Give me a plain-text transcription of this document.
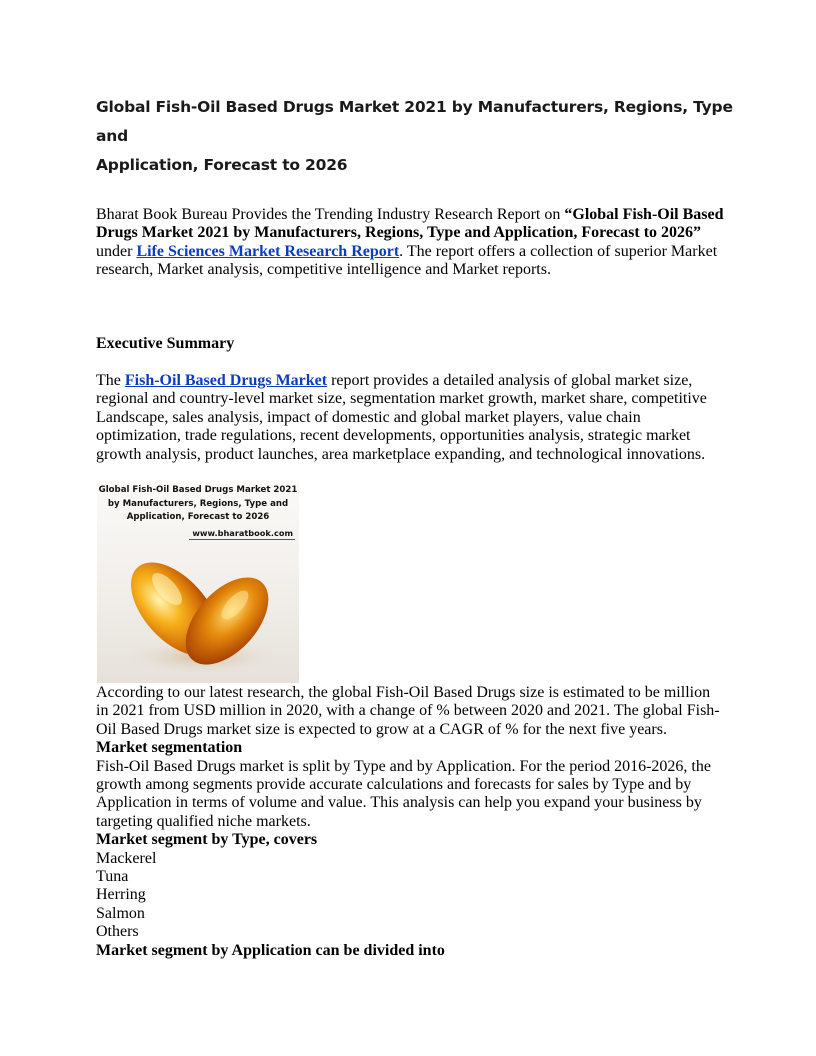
Global Fish-Oil Based Drugs Market 2021 by Manufacturers, Regions, Type and
Application, Forecast to 2026

Bharat Book Bureau Provides the Trending Industry Research Report on “Global Fish-Oil Based Drugs Market 2021 by Manufacturers, Regions, Type and Application, Forecast to 2026” under Life Sciences Market Research Report. The report offers a collection of superior Market research, Market analysis, competitive intelligence and Market reports.

Executive Summary

The Fish-Oil Based Drugs Market report provides a detailed analysis of global market size, regional and country-level market size, segmentation market growth, market share, competitive Landscape, sales analysis, impact of domestic and global market players, value chain optimization, trade regulations, recent developments, opportunities analysis, strategic market growth analysis, product launches, area marketplace expanding, and technological innovations.

Global Fish-Oil Based Drugs Market 2021
by Manufacturers, Regions, Type and
Application, Forecast to 2026
www.bharatbook.com

According to our latest research, the global Fish-Oil Based Drugs size is estimated to be million in 2021 from USD million in 2020, with a change of % between 2020 and 2021. The global Fish-Oil Based Drugs market size is expected to grow at a CAGR of % for the next five years.

Market segmentation

Fish-Oil Based Drugs market is split by Type and by Application. For the period 2016-2026, the growth among segments provide accurate calculations and forecasts for sales by Type and by Application in terms of volume and value. This analysis can help you expand your business by targeting qualified niche markets.

Market segment by Type, covers

Mackerel

Tuna

Herring

Salmon

Others

Market segment by Application can be divided into
